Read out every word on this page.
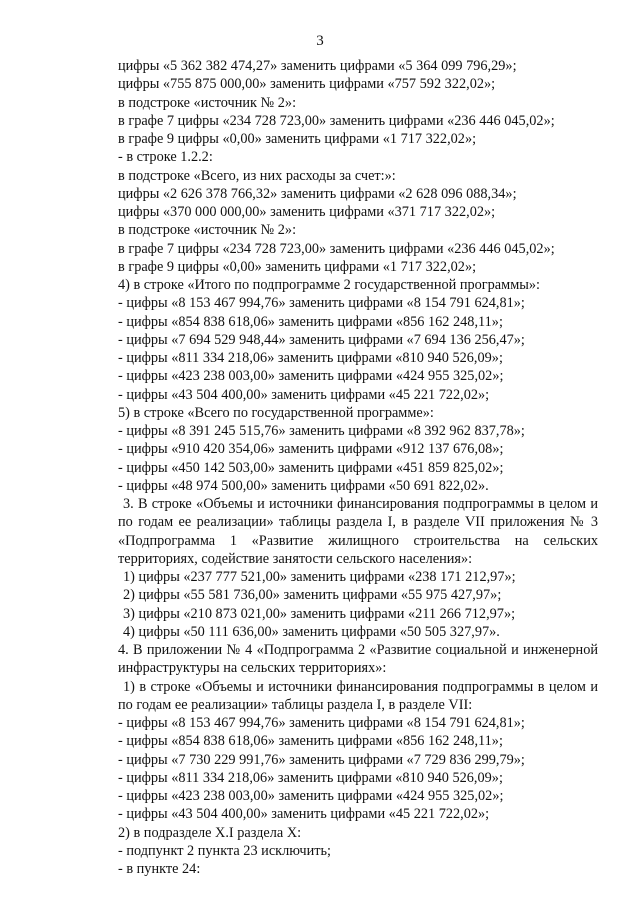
3
цифры «5 362 382 474,27» заменить цифрами «5 364 099 796,29»;
цифры «755 875 000,00» заменить цифрами «757 592 322,02»;
в подстроке «источник № 2»:
в графе 7 цифры «234 728 723,00» заменить цифрами «236 446 045,02»;
в графе 9 цифры «0,00» заменить цифрами «1 717 322,02»;
- в строке 1.2.2:
в подстроке «Всего, из них расходы за счет:»:
цифры «2 626 378 766,32» заменить цифрами «2 628 096 088,34»;
цифры «370 000 000,00» заменить цифрами «371 717 322,02»;
в подстроке «источник № 2»:
в графе 7 цифры «234 728 723,00» заменить цифрами «236 446 045,02»;
в графе 9 цифры «0,00» заменить цифрами «1 717 322,02»;
4) в строке «Итого по подпрограмме 2 государственной программы»:
- цифры «8 153 467 994,76» заменить цифрами «8 154 791 624,81»;
- цифры «854 838 618,06» заменить цифрами «856 162 248,11»;
- цифры «7 694 529 948,44» заменить цифрами «7 694 136 256,47»;
- цифры «811 334 218,06» заменить цифрами «810 940 526,09»;
- цифры «423 238 003,00» заменить цифрами «424 955 325,02»;
- цифры «43 504 400,00» заменить цифрами «45 221 722,02»;
5) в строке «Всего по государственной программе»:
- цифры «8 391 245 515,76» заменить цифрами «8 392 962 837,78»;
- цифры «910 420 354,06» заменить цифрами «912 137 676,08»;
- цифры «450 142 503,00» заменить цифрами «451 859 825,02»;
- цифры «48 974 500,00» заменить цифрами «50 691 822,02».
3. В строке «Объемы и источники финансирования подпрограммы в целом и по годам ее реализации» таблицы раздела I, в разделе VII приложения № 3 «Подпрограмма 1 «Развитие жилищного строительства на сельских территориях, содействие занятости сельского населения»:
1) цифры «237 777 521,00» заменить цифрами «238 171 212,97»;
2) цифры «55 581 736,00» заменить цифрами «55 975 427,97»;
3) цифры «210 873 021,00» заменить цифрами «211 266 712,97»;
4) цифры «50 111 636,00» заменить цифрами «50 505 327,97».
4. В приложении № 4 «Подпрограмма 2 «Развитие социальной и инженерной инфраструктуры на сельских территориях»:
1) в строке «Объемы и источники финансирования подпрограммы в целом и по годам ее реализации» таблицы раздела I, в разделе VII:
- цифры «8 153 467 994,76» заменить цифрами «8 154 791 624,81»;
- цифры «854 838 618,06» заменить цифрами «856 162 248,11»;
- цифры «7 730 229 991,76» заменить цифрами «7 729 836 299,79»;
- цифры «811 334 218,06» заменить цифрами «810 940 526,09»;
- цифры «423 238 003,00» заменить цифрами «424 955 325,02»;
- цифры «43 504 400,00» заменить цифрами «45 221 722,02»;
2) в подразделе X.I раздела X:
- подпункт 2 пункта 23 исключить;
- в пункте 24:
